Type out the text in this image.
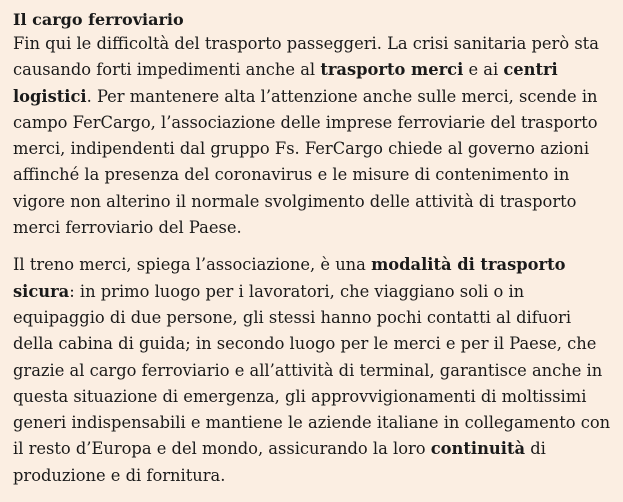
Il cargo ferroviario

Fin qui le difficoltà del trasporto passeggeri. La crisi sanitaria però sta causando forti impedimenti anche al trasporto merci e ai centri logistici. Per mantenere alta l’attenzione anche sulle merci, scende in campo FerCargo, l’associazione delle imprese ferroviarie del trasporto merci, indipendenti dal gruppo Fs. FerCargo chiede al governo azioni affinché la presenza del coronavirus e le misure di contenimento in vigore non alterino il normale svolgimento delle attività di trasporto merci ferroviario del Paese.

Il treno merci, spiega l’associazione, è una modalità di trasporto sicura: in primo luogo per i lavoratori, che viaggiano soli o in equipaggio di due persone, gli stessi hanno pochi contatti al difuori della cabina di guida; in secondo luogo per le merci e per il Paese, che grazie al cargo ferroviario e all’attività di terminal, garantisce anche in questa situazione di emergenza, gli approvvigionamenti di moltissimi generi indispensabili e mantiene le aziende italiane in collegamento con il resto d’Europa e del mondo, assicurando la loro continuità di produzione e di fornitura.
